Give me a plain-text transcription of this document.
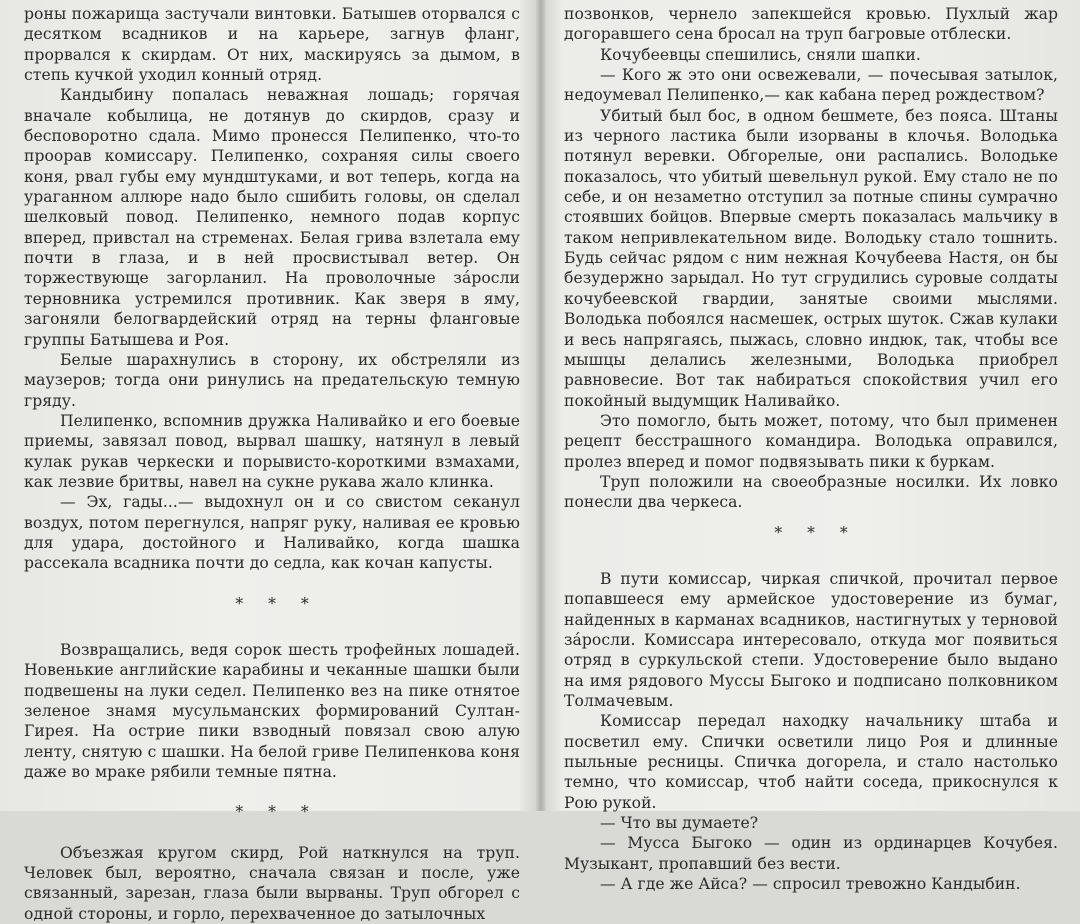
роны пожарища застучали винтовки. Батышев оторвался с десятком всадников и на карьере, загнув фланг, прорвался к скирдам. От них, маскируясь за дымом, в степь кучкой уходил конный отряд.

Кандыбину попалась неважная лошадь; горячая вначале кобылица, не дотянув до скирдов, сразу и бесповоротно сдала. Мимо пронесся Пелипенко, что-то проорав комиссару. Пелипенко, сохраняя силы своего коня, рвал губы ему мундштуками, и вот теперь, когда на ураганном аллюре надо было сшибить головы, он сделал шелковый повод. Пелипенко, немного подав корпус вперед, привстал на стременах. Белая грива взлетала ему почти в глаза, и в ней просвистывал ветер. Он торжествующе загорланил. На проволочные зáросли терновника устремился противник. Как зверя в яму, загоняли белогвардейский отряд на терны фланговые группы Батышева и Роя.

Белые шарахнулись в сторону, их обстреляли из маузеров; тогда они ринулись на предательскую темную гряду.

Пелипенко, вспомнив дружка Наливайко и его боевые приемы, завязал повод, вырвал шашку, натянул в левый кулак рукав черкески и порывисто-короткими взмахами, как лезвие бритвы, навел на сукне рукава жало клинка.

— Эх, гады...— выдохнул он и со свистом секанул воздух, потом перегнулся, напряг руку, наливая ее кровью для удара, достойного и Наливайко, когда шашка рассекала всадника почти до седла, как кочан капусты.

* * *

Возвращались, ведя сорок шесть трофейных лошадей. Новенькие английские карабины и чеканные шашки были подвешены на луки седел. Пелипенко вез на пике отнятое зеленое знамя мусульманских формирований Султан-Гирея. На острие пики взводный повязал свою алую ленту, снятую с шашки. На белой гриве Пелипенкова коня даже во мраке рябили темные пятна.

* * *

Объезжая кругом скирд, Рой наткнулся на труп. Человек был, вероятно, сначала связан и после, уже связанный, зарезан, глаза были вырваны. Труп обгорел с одной стороны, и горло, перехваченное до затылочных

позвонков, чернело запекшейся кровью. Пухлый жар догоравшего сена бросал на труп багровые отблески.

Кочубеевцы спешились, сняли шапки.

— Кого ж это они освежевали, — почесывая затылок, недоумевал Пелипенко,— как кабана перед рождеством?

Убитый был бос, в одном бешмете, без пояса. Штаны из черного ластика были изорваны в клочья. Володька потянул веревки. Обгорелые, они распались. Володьке показалось, что убитый шевельнул рукой. Ему стало не по себе, и он незаметно отступил за потные спины сумрачно стоявших бойцов. Впервые смерть показалась мальчику в таком непривлекательном виде. Володьку стало тошнить. Будь сейчас рядом с ним нежная Кочубеева Настя, он бы безудержно зарыдал. Но тут сгрудились суровые солдаты кочубеевской гвардии, занятые своими мыслями. Володька побоялся насмешек, острых шуток. Сжав кулаки и весь напрягаясь, пыжась, словно индюк, так, чтобы все мышцы делались железными, Володька приобрел равновесие. Вот так набираться спокойствия учил его покойный выдумщик Наливайко.

Это помогло, быть может, потому, что был применен рецепт бесстрашного командира. Володька оправился, пролез вперед и помог подвязывать пики к буркам.

Труп положили на своеобразные носилки. Их ловко понесли два черкеса.

* * *

В пути комиссар, чиркая спичкой, прочитал первое попавшееся ему армейское удостоверение из бумаг, найденных в карманах всадников, настигнутых у терновой зáросли. Комиссара интересовало, откуда мог появиться отряд в суркульской степи. Удостоверение было выдано на имя рядового Муссы Быгоко и подписано полковником Толмачевым.

Комиссар передал находку начальнику штаба и посветил ему. Спички осветили лицо Роя и длинные пыльные ресницы. Спичка догорела, и стало настолько темно, что комиссар, чтоб найти соседа, прикоснулся к Рою рукой.

— Что вы думаете?

— Мусса Быгоко — один из ординарцев Кочубея. Музыкант, пропавший без вести.

— А где же Айса? — спросил тревожно Кандыбин.
